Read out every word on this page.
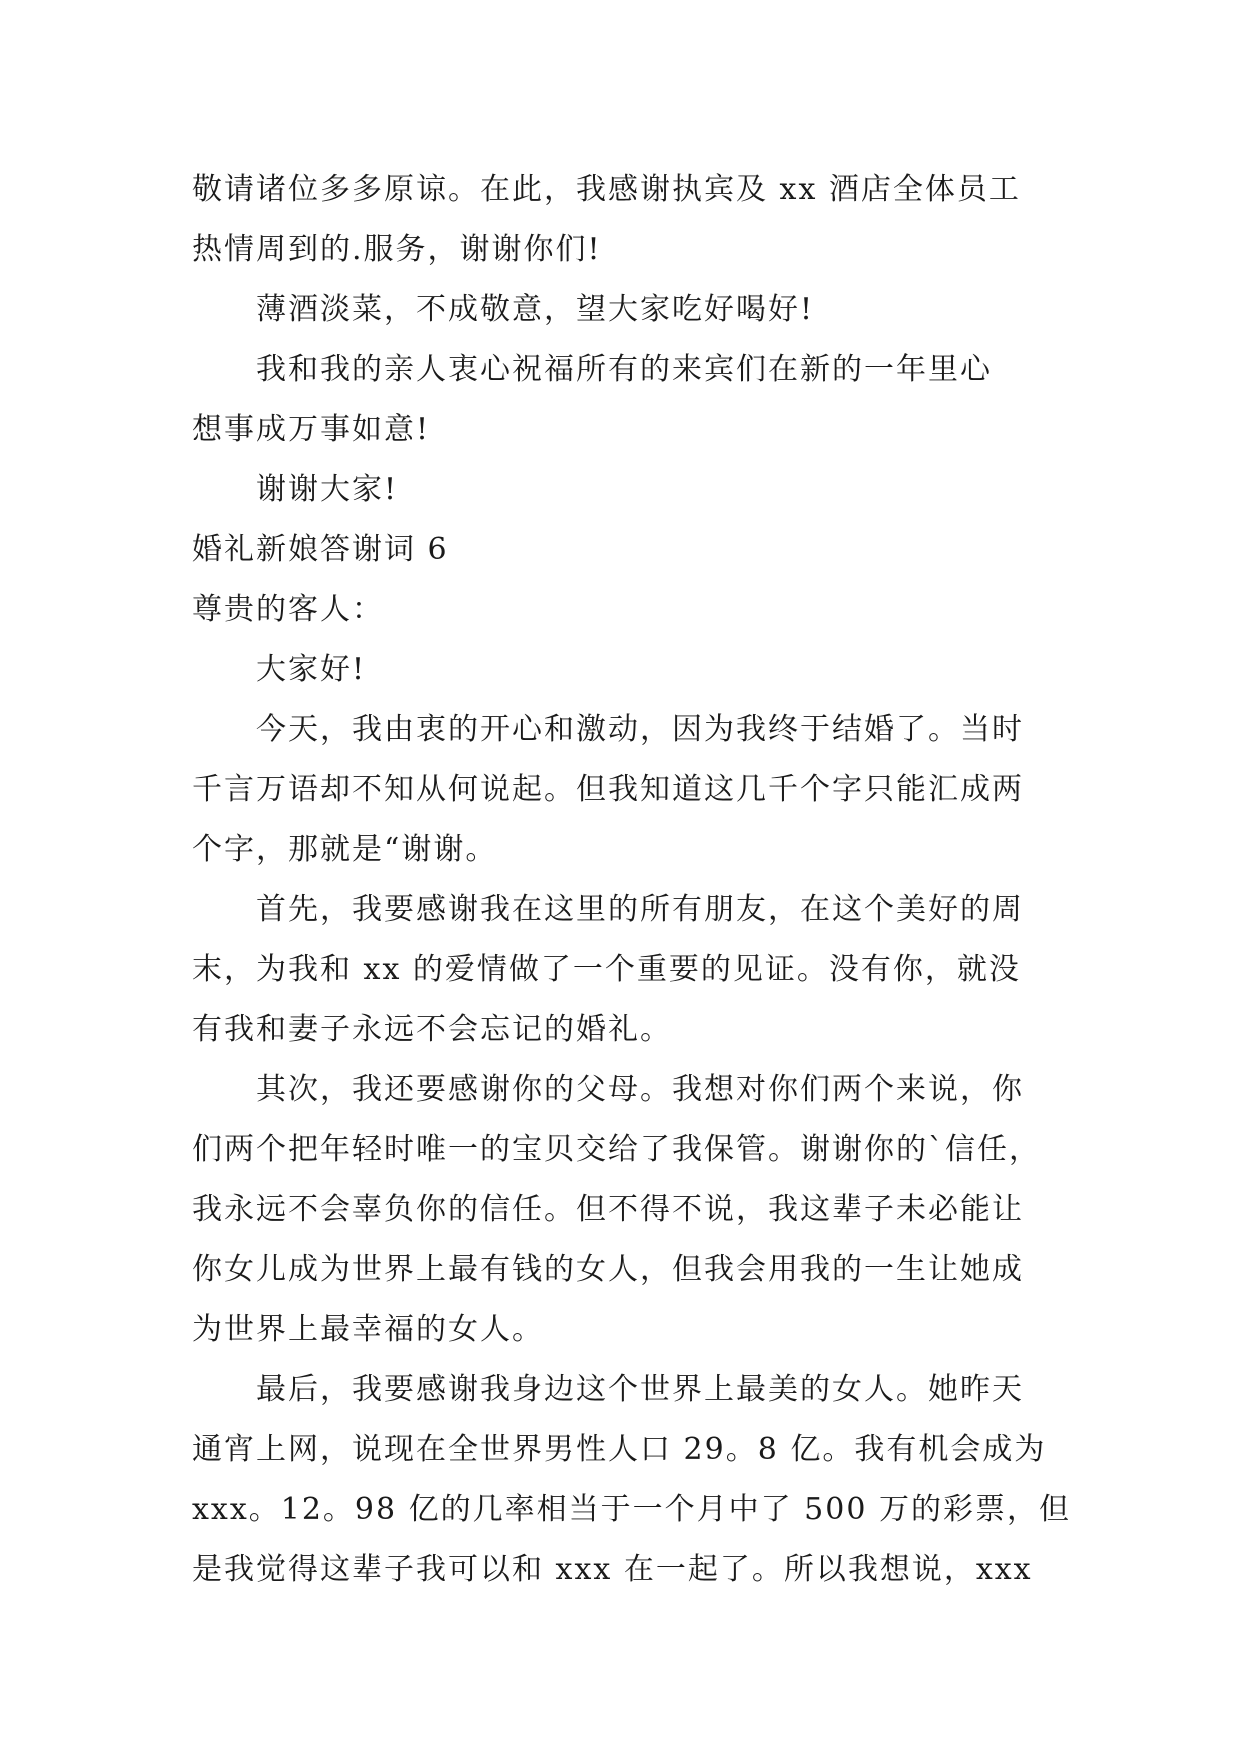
敬请诸位多多原谅。在此，我感谢执宾及 xx 酒店全体员工
热情周到的.服务，谢谢你们!
薄酒淡菜，不成敬意，望大家吃好喝好!
我和我的亲人衷心祝福所有的来宾们在新的一年里心
想事成万事如意!
谢谢大家!
婚礼新娘答谢词 6
尊贵的客人：
大家好!
今天，我由衷的开心和激动，因为我终于结婚了。当时
千言万语却不知从何说起。但我知道这几千个字只能汇成两
个字，那就是“谢谢。
首先，我要感谢我在这里的所有朋友，在这个美好的周
末，为我和 xx 的爱情做了一个重要的见证。没有你，就没
有我和妻子永远不会忘记的婚礼。
其次，我还要感谢你的父母。我想对你们两个来说，你
们两个把年轻时唯一的宝贝交给了我保管。谢谢你的`信任，
我永远不会辜负你的信任。但不得不说，我这辈子未必能让
你女儿成为世界上最有钱的女人，但我会用我的一生让她成
为世界上最幸福的女人。
最后，我要感谢我身边这个世界上最美的女人。她昨天
通宵上网，说现在全世界男性人口 29。8 亿。我有机会成为
xxx。12。98 亿的几率相当于一个月中了 500 万的彩票，但
是我觉得这辈子我可以和 xxx 在一起了。所以我想说，xxx
